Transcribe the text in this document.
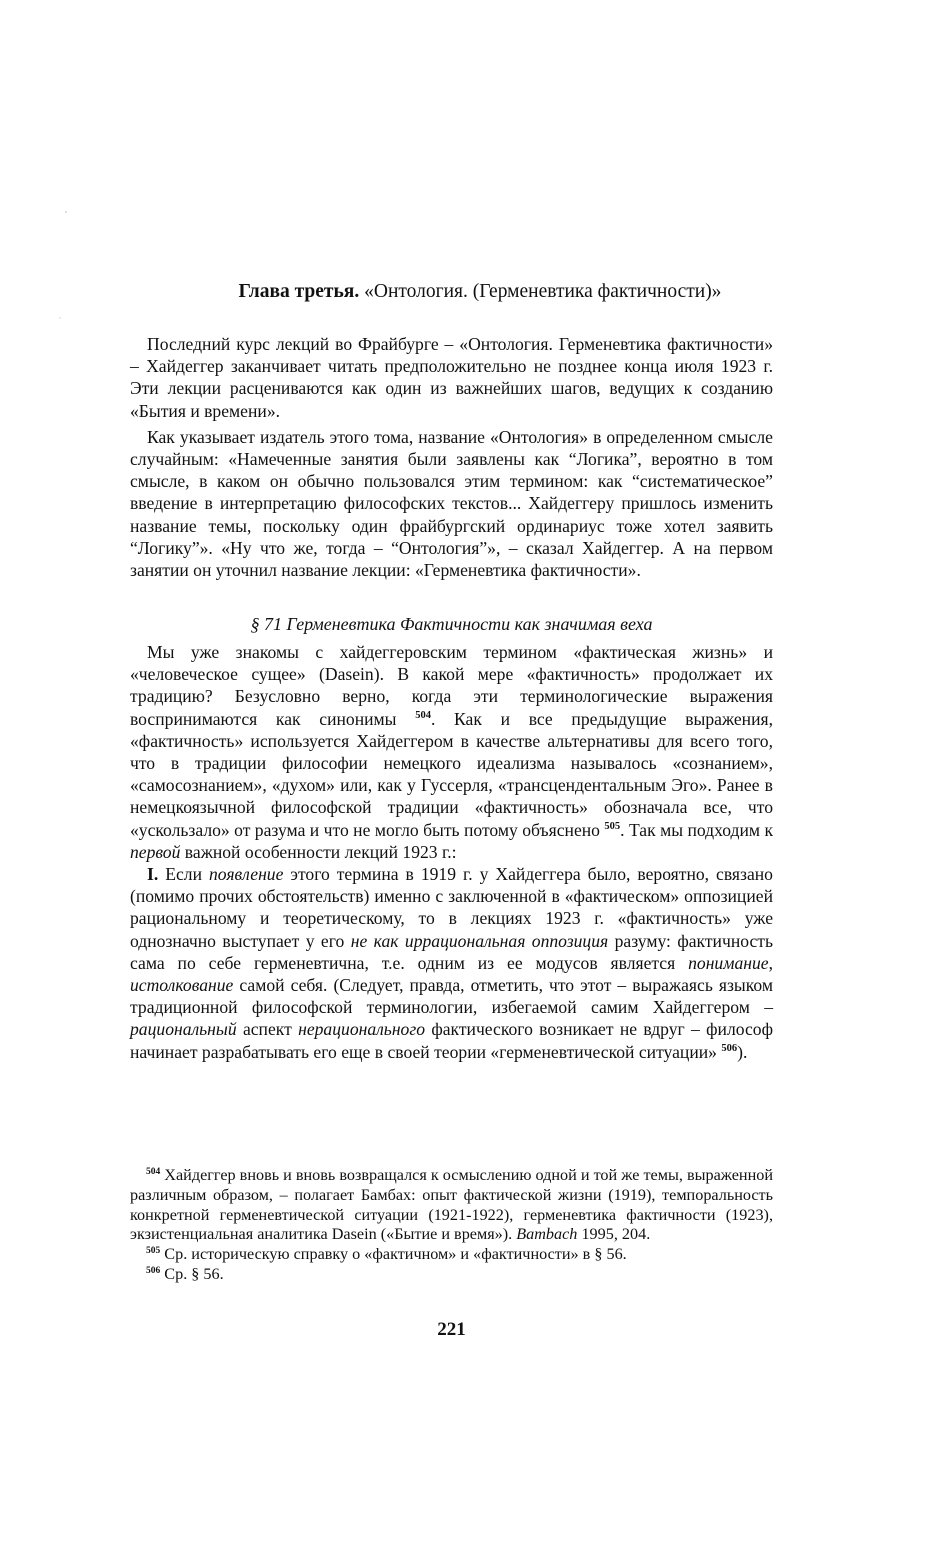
Глава третья. «Онтология. (Герменевтика фактичности)»

Последний курс лекций во Фрайбурге – «Онтология. Герменевтика фактичности» – Хайдеггер заканчивает читать предположительно не позднее конца июля 1923 г. Эти лекции расцениваются как один из важнейших шагов, ведущих к созданию «Бытия и времени».

Как указывает издатель этого тома, название «Онтология» в определенном смысле случайным: «Намеченные занятия были заявлены как “Логика”, вероятно в том смысле, в каком он обычно пользовался этим термином: как “систематическое” введение в интерпретацию философских текстов... Хайдеггеру пришлось изменить название темы, поскольку один фрайбургский ординариус тоже хотел заявить “Логику”». «Ну что же, тогда – “Онтология”», – сказал Хайдеггер. А на первом занятии он уточнил название лекции: «Герменевтика фактичности».

§ 71 Герменевтика Фактичности как значимая веха

Мы уже знакомы с хайдеггеровским термином «фактическая жизнь» и «человеческое сущее» (Dasein). В какой мере «фактичность» продолжает их традицию? Безусловно верно, когда эти терминологические выражения воспринимаются как синонимы $^{504}$. Как и все предыдущие выражения, «фактичность» используется Хайдеггером в качестве альтернативы для всего того, что в традиции философии немецкого идеализма называлось «сознанием», «самосознанием», «духом» или, как у Гуссерля, «трансцендентальным Эго». Ранее в немецкоязычной философской традиции «фактичность» обозначала все, что «ускользало» от разума и что не могло быть потому объяснено $^{505}$. Так мы подходим к первой важной особенности лекций 1923 г.:

I. Если появление этого термина в 1919 г. у Хайдеггера было, вероятно, связано (помимо прочих обстоятельств) именно с заключенной в «фактическом» оппозицией рациональному и теоретическому, то в лекциях 1923 г. «фактичность» уже однозначно выступает у его не как иррациональная оппозиция разуму: фактичность сама по себе герменевтична, т.е. одним из ее модусов является понимание, истолкование самой себя. (Следует, правда, отметить, что этот – выражаясь языком традиционной философской терминологии, избегаемой самим Хайдеггером – рациональный аспект нерационального фактического возникает не вдруг – философ начинает разрабатывать его еще в своей теории «герменевтической ситуации» $^{506}$).

$^{504}$ Хайдеггер вновь и вновь возвращался к осмыслению одной и той же темы, выраженной различным образом, – полагает Бамбах: опыт фактической жизни (1919), темпоральность конкретной герменевтической ситуации (1921-1922), герменевтика фактичности (1923), экзистенциальная аналитика Dasein («Бытие и время»). Bambach 1995, 204.

$^{505}$ Ср. историческую справку о «фактичном» и «фактичности» в § 56.

$^{506}$ Ср. § 56.

221
